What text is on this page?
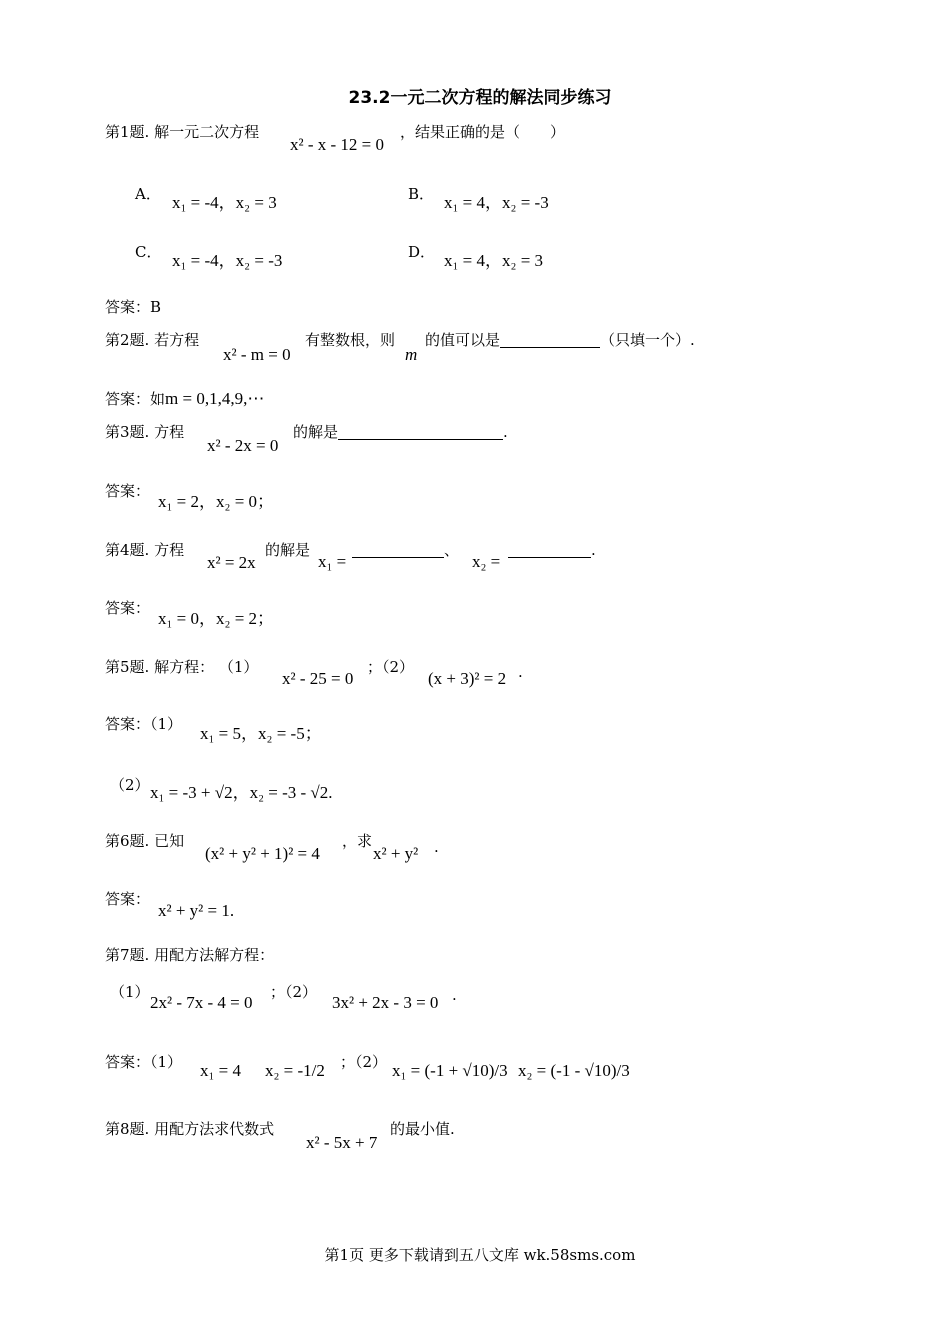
23.2一元二次方程的解法同步练习
第1题. 解一元二次方程
x² - x - 12 = 0
，结果正确的是（　　）
A． x₁ = -4，x₂ = 3	B． x₁ = 4，x₂ = -3
C． x₁ = -4，x₂ = -3	D． x₁ = 4，x₂ = 3
答案：B
第2题. 若方程
x² - m = 0
有整数根，则
m
的值可以是	（只填一个）.
答案：如m = 0,1,4,9,⋯
第3题. 方程
x² - 2x = 0
的解是	.
答案：
x₁ = 2，x₂ = 0；
第4题. 方程
x² = 2x
的解是
x₁ =
、
x₂ =
.
答案：
x₁ = 0，x₂ = 2；
第5题. 解方程： （1）
x² - 25 = 0
；（2）
(x + 3)² = 2 .
答案：（1） x₁ = 5，x₂ = -5；
（2） x₁ = -3 + √2，x₂ = -3 - √2.
第6题. 已知
(x² + y² + 1)² = 4
，求
x² + y² .
答案：
x² + y² = 1.
第7题. 用配方法解方程：
（1）
2x² - 7x - 4 = 0
；（2）
3x² + 2x - 3 = 0 .
答案：（1） x₁ = 4 x₂ = -1/2 ；（2） x₁ = (-1 + √10)/3 x₂ = (-1 - √10)/3
第8题. 用配方法求代数式
x² - 5x + 7
的最小值.
第1页 更多下载请到五八文库 wk.58sms.com
